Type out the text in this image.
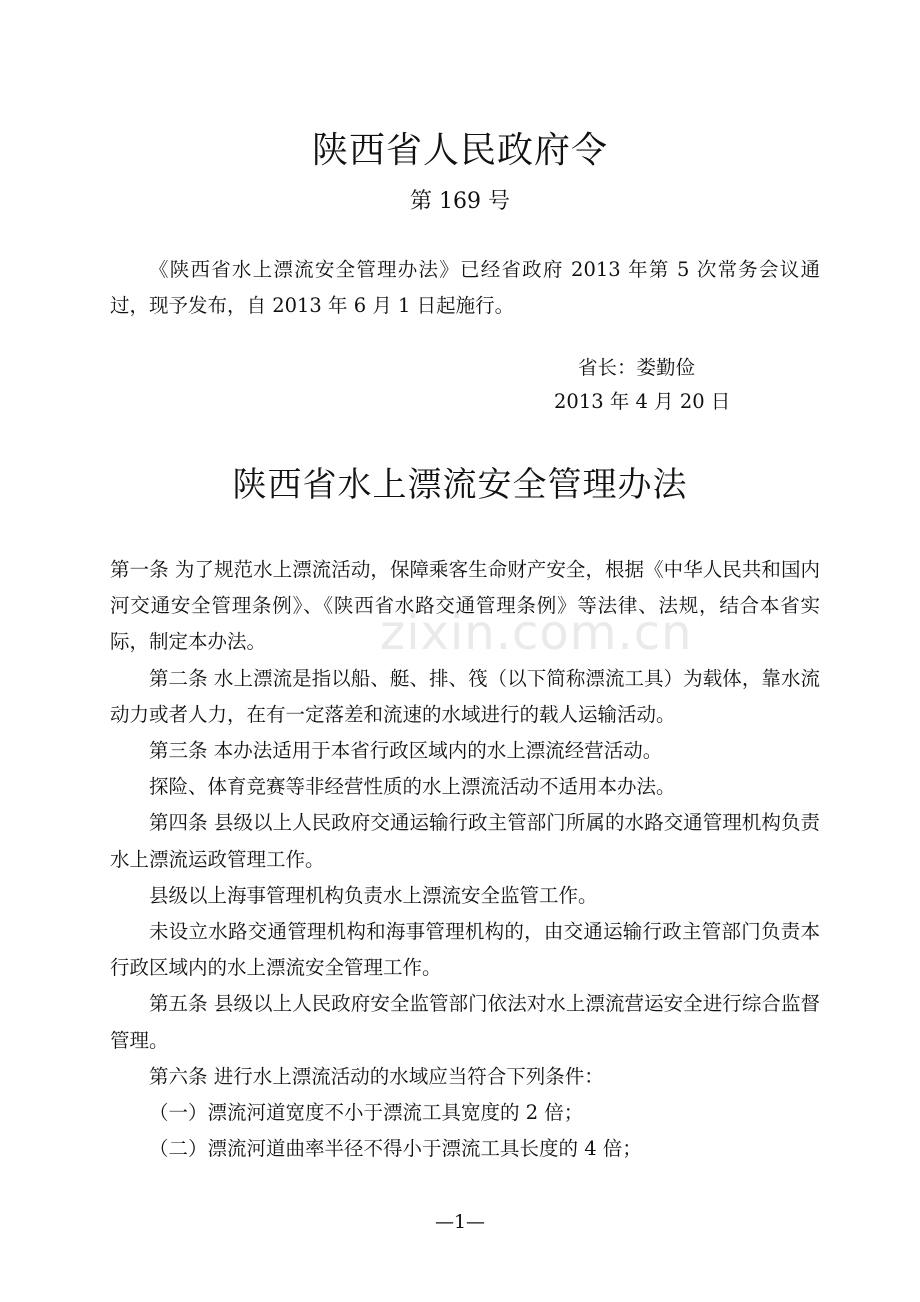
陕西省人民政府令
第 169 号

《陕西省水上漂流安全管理办法》已经省政府 2013 年第 5 次常务会议通过，现予发布，自 2013 年 6 月 1 日起施行。

省长：娄勤俭
2013 年 4 月 20 日
陕西省水上漂流安全管理办法

第一条 为了规范水上漂流活动，保障乘客生命财产安全，根据《中华人民共和国内河交通安全管理条例》、《陕西省水路交通管理条例》等法律、法规，结合本省实际，制定本办法。

第二条 水上漂流是指以船、艇、排、筏（以下简称漂流工具）为载体，靠水流动力或者人力，在有一定落差和流速的水域进行的载人运输活动。

第三条 本办法适用于本省行政区域内的水上漂流经营活动。

探险、体育竞赛等非经营性质的水上漂流活动不适用本办法。

第四条 县级以上人民政府交通运输行政主管部门所属的水路交通管理机构负责水上漂流运政管理工作。

县级以上海事管理机构负责水上漂流安全监管工作。

未设立水路交通管理机构和海事管理机构的，由交通运输行政主管部门负责本行政区域内的水上漂流安全管理工作。

第五条 县级以上人民政府安全监管部门依法对水上漂流营运安全进行综合监督管理。

第六条 进行水上漂流活动的水域应当符合下列条件：

（一）漂流河道宽度不小于漂流工具宽度的 2 倍；

（二）漂流河道曲率半径不得小于漂流工具长度的 4 倍；

zixin.com.cn
—1—
